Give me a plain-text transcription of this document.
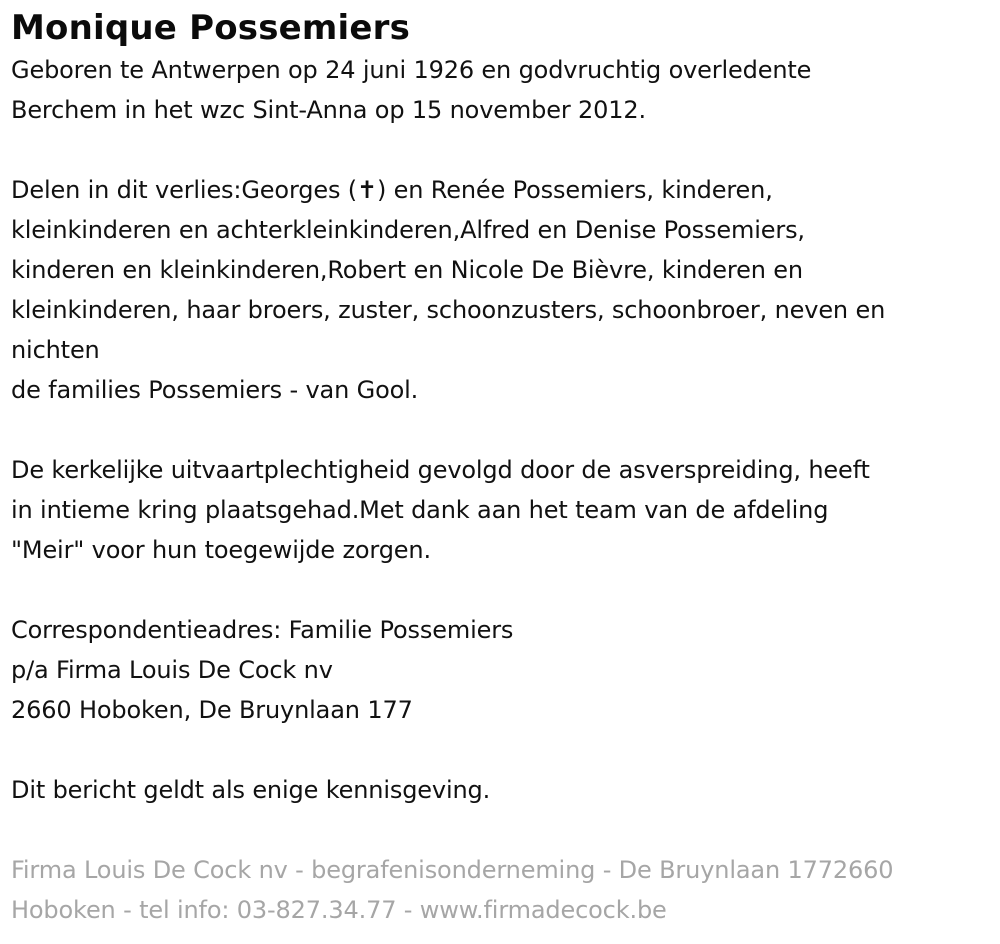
Monique Possemiers
Geboren te Antwerpen op 24 juni 1926 en godvruchtig overledente
Berchem in het wzc Sint-Anna op 15 november 2012.
Delen in dit verlies:Georges (✝) en Renée Possemiers, kinderen,
kleinkinderen en achterkleinkinderen,Alfred en Denise Possemiers,
kinderen en kleinkinderen,Robert en Nicole De Bièvre, kinderen en
kleinkinderen, haar broers, zuster, schoonzusters, schoonbroer, neven en
nichten
de families Possemiers - van Gool.
De kerkelijke uitvaartplechtigheid gevolgd door de asverspreiding, heeft
in intieme kring plaatsgehad.Met dank aan het team van de afdeling
"Meir" voor hun toegewijde zorgen.
Correspondentieadres: Familie Possemiers
p/a Firma Louis De Cock nv
2660 Hoboken, De Bruynlaan 177
Dit bericht geldt als enige kennisgeving.
Firma Louis De Cock nv - begrafenisonderneming - De Bruynlaan 1772660
Hoboken - tel info: 03-827.34.77 - www.firmadecock.be
